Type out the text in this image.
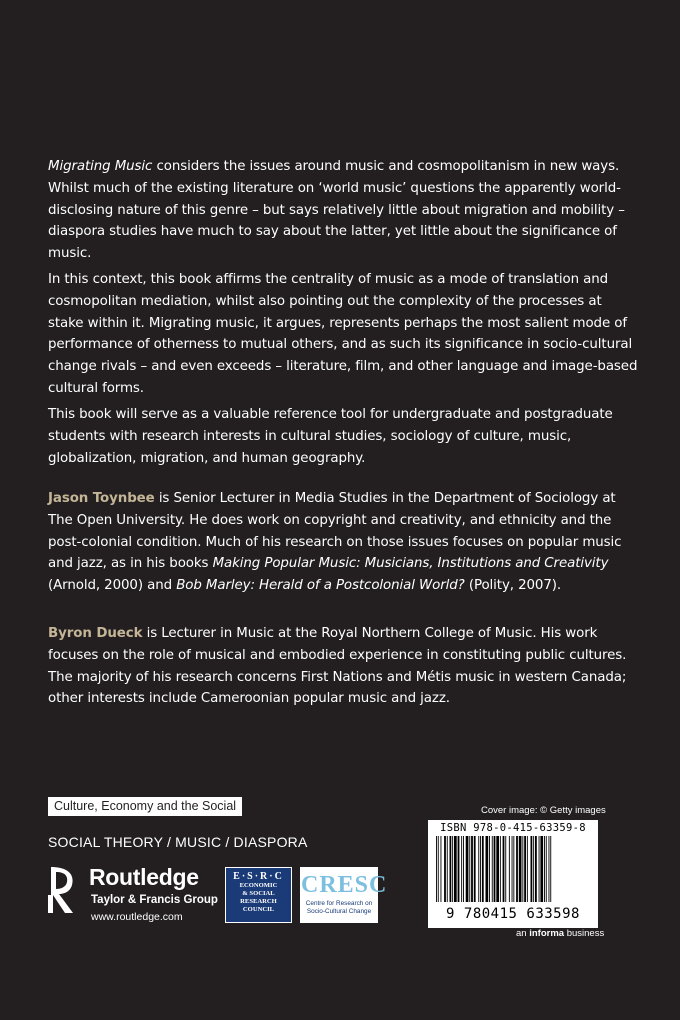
Migrating Music considers the issues around music and cosmopolitanism in new ways. Whilst much of the existing literature on ‘world music’ questions the apparently world-disclosing nature of this genre – but says relatively little about migration and mobility – diaspora studies have much to say about the latter, yet little about the significance of music.

In this context, this book affirms the centrality of music as a mode of translation and cosmopolitan mediation, whilst also pointing out the complexity of the processes at stake within it. Migrating music, it argues, represents perhaps the most salient mode of performance of otherness to mutual others, and as such its significance in socio-cultural change rivals – and even exceeds – literature, film, and other language and image-based cultural forms.

This book will serve as a valuable reference tool for undergraduate and postgraduate students with research interests in cultural studies, sociology of culture, music, globalization, migration, and human geography.

Jason Toynbee is Senior Lecturer in Media Studies in the Department of Sociology at The Open University. He does work on copyright and creativity, and ethnicity and the post-colonial condition. Much of his research on those issues focuses on popular music and jazz, as in his books Making Popular Music: Musicians, Institutions and Creativity (Arnold, 2000) and Bob Marley: Herald of a Postcolonial World? (Polity, 2007).

Byron Dueck is Lecturer in Music at the Royal Northern College of Music. His work focuses on the role of musical and embodied experience in constituting public cultures. The majority of his research concerns First Nations and Métis music in western Canada; other interests include Cameroonian popular music and jazz.

Culture, Economy and the Social
SOCIAL THEORY / MUSIC / DIASPORA
Routledge
Taylor & Francis Group
www.routledge.com
E·S·R·C
ECONOMIC
& SOCIAL
RESEARCH
COUNCIL
CRESC
Centre for Research on
Socio-Cultural Change
Cover image: © Getty images
ISBN 978-0-415-63359-8
9 780415 633598
an informa business
